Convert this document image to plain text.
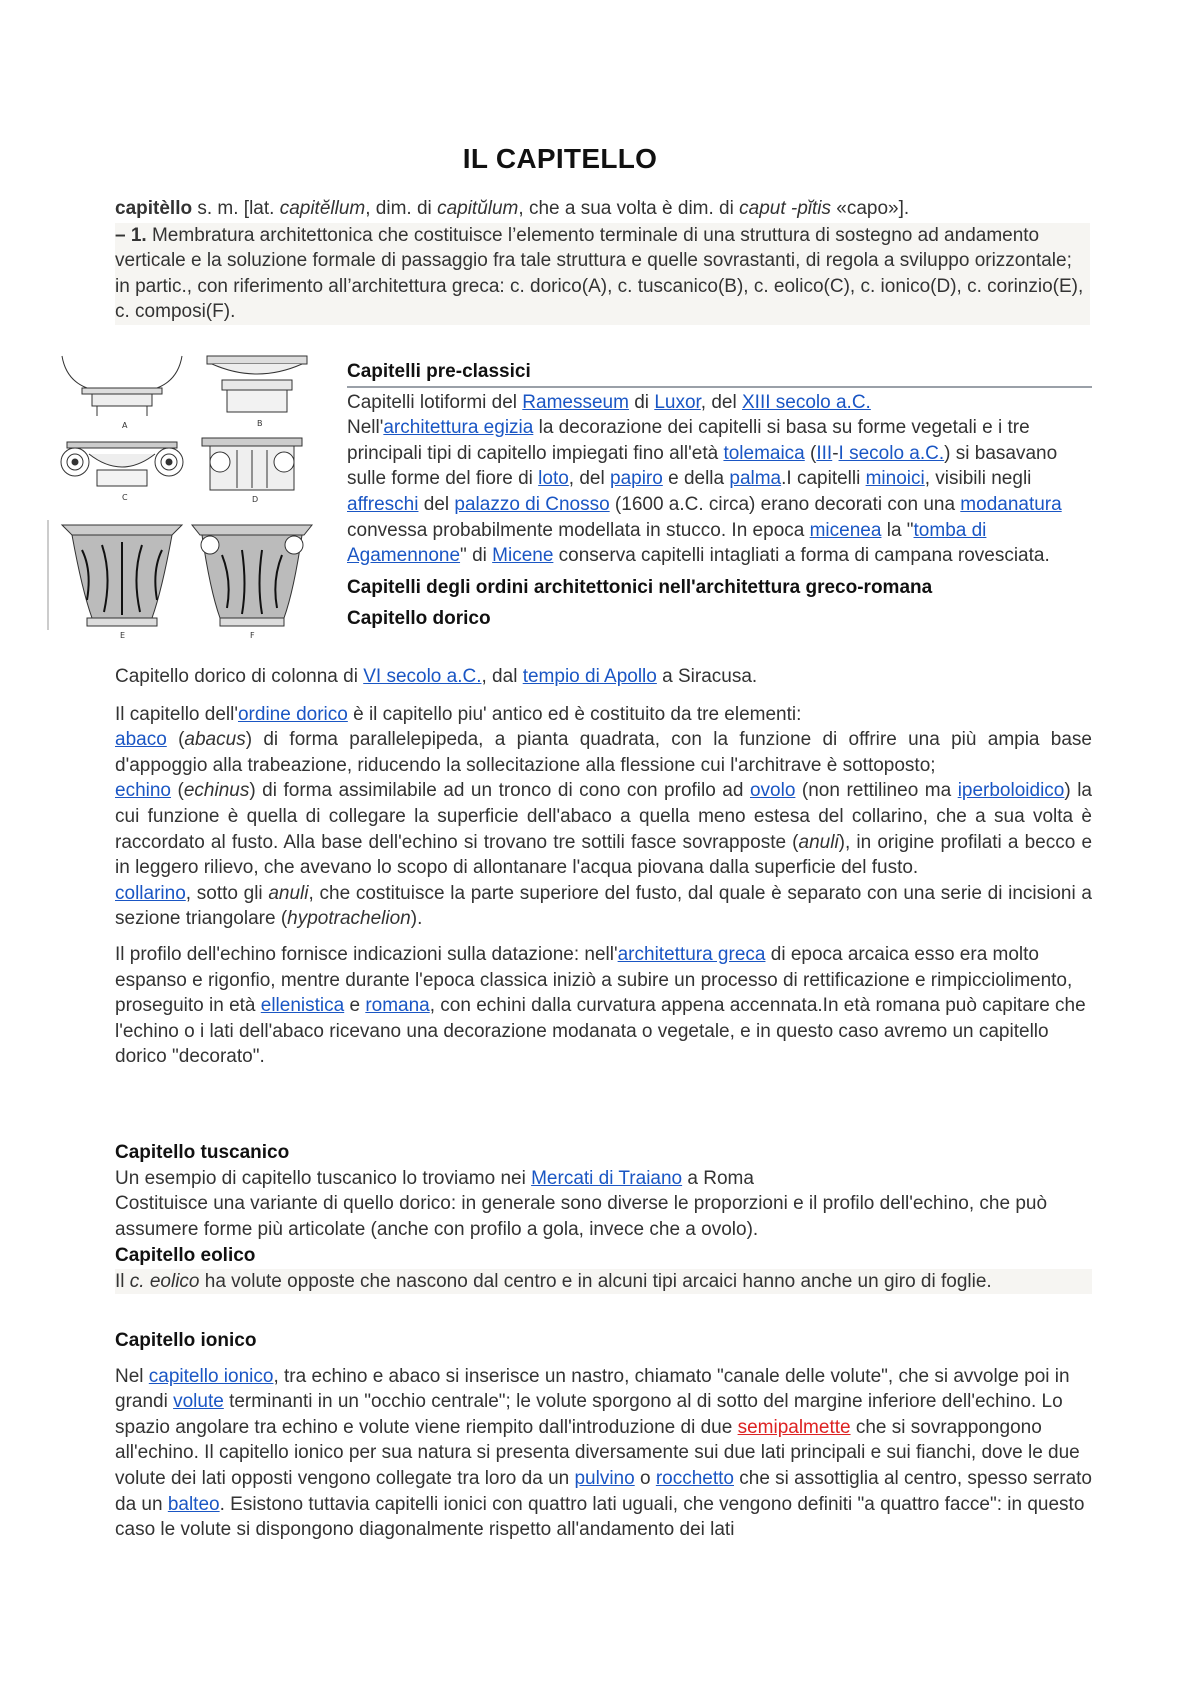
IL CAPITELLO
capitèllo s. m. [lat. capitĕllum, dim. di capitŭlum, che a sua volta è dim. di caput -pĭtis «capo»].
– 1. Membratura architettonica che costituisce l’elemento terminale di una struttura di sostegno ad andamento verticale e la soluzione formale di passaggio fra tale struttura e quelle sovrastanti, di regola a sviluppo orizzontale; in partic., con riferimento all’architettura greca: c. dorico(A), c. tuscanico(B), c. eolico(C), c. ionico(D), c. corinzio(E), c. composi(F).
A	B
C	D
E	F
Capitelli pre-classici
Capitelli lotiformi del Ramesseum di Luxor, del XIII secolo a.C.
Nell'architettura egizia la decorazione dei capitelli si basa su forme vegetali e i tre principali tipi di capitello impiegati fino all'età tolemaica (III-I secolo a.C.) si basavano sulle forme del fiore di loto, del papiro e della palma.I capitelli minoici, visibili negli affreschi del palazzo di Cnosso (1600 a.C. circa) erano decorati con una modanatura convessa probabilmente modellata in stucco. In epoca micenea la "tomba di Agamennone" di Micene conserva capitelli intagliati a forma di campana rovesciata.
Capitelli degli ordini architettonici nell'architettura greco-romana
Capitello dorico
Capitello dorico di colonna di VI secolo a.C., dal tempio di Apollo a Siracusa.
Il capitello dell'ordine dorico è il capitello piu' antico ed è costituito da tre elementi:
abaco (abacus) di forma parallelepipeda, a pianta quadrata, con la funzione di offrire una più ampia base d'appoggio alla trabeazione, riducendo la sollecitazione alla flessione cui l'architrave è sottoposto;
echino (echinus) di forma assimilabile ad un tronco di cono con profilo ad ovolo (non rettilineo ma iperboloidico) la cui funzione è quella di collegare la superficie dell'abaco a quella meno estesa del collarino, che a sua volta è raccordato al fusto. Alla base dell'echino si trovano tre sottili fasce sovrapposte (anuli), in origine profilati a becco e in leggero rilievo, che avevano lo scopo di allontanare l'acqua piovana dalla superficie del fusto.
collarino, sotto gli anuli, che costituisce la parte superiore del fusto, dal quale è separato con una serie di incisioni a sezione triangolare (hypotrachelion).
Il profilo dell'echino fornisce indicazioni sulla datazione: nell'architettura greca di epoca arcaica esso era molto espanso e rigonfio, mentre durante l'epoca classica iniziò a subire un processo di rettificazione e rimpicciolimento, proseguito in età ellenistica e romana, con echini dalla curvatura appena accennata.In età romana può capitare che l'echino o i lati dell'abaco ricevano una decorazione modanata o vegetale, e in questo caso avremo un capitello dorico "decorato".
Capitello tuscanico
Un esempio di capitello tuscanico lo troviamo nei Mercati di Traiano a Roma
Costituisce una variante di quello dorico: in generale sono diverse le proporzioni e il profilo dell'echino, che può assumere forme più articolate (anche con profilo a gola, invece che a ovolo).
Capitello eolico
Il c. eolico ha volute opposte che nascono dal centro e in alcuni tipi arcaici hanno anche un giro di foglie.
Capitello ionico
Nel capitello ionico, tra echino e abaco si inserisce un nastro, chiamato "canale delle volute", che si avvolge poi in grandi volute terminanti in un "occhio centrale"; le volute sporgono al di sotto del margine inferiore dell'echino. Lo spazio angolare tra echino e volute viene riempito dall'introduzione di due semipalmette che si sovrappongono all'echino. Il capitello ionico per sua natura si presenta diversamente sui due lati principali e sui fianchi, dove le due volute dei lati opposti vengono collegate tra loro da un pulvino o rocchetto che si assottiglia al centro, spesso serrato da un balteo. Esistono tuttavia capitelli ionici con quattro lati uguali, che vengono definiti "a quattro facce": in questo caso le volute si dispongono diagonalmente rispetto all'andamento dei lati
